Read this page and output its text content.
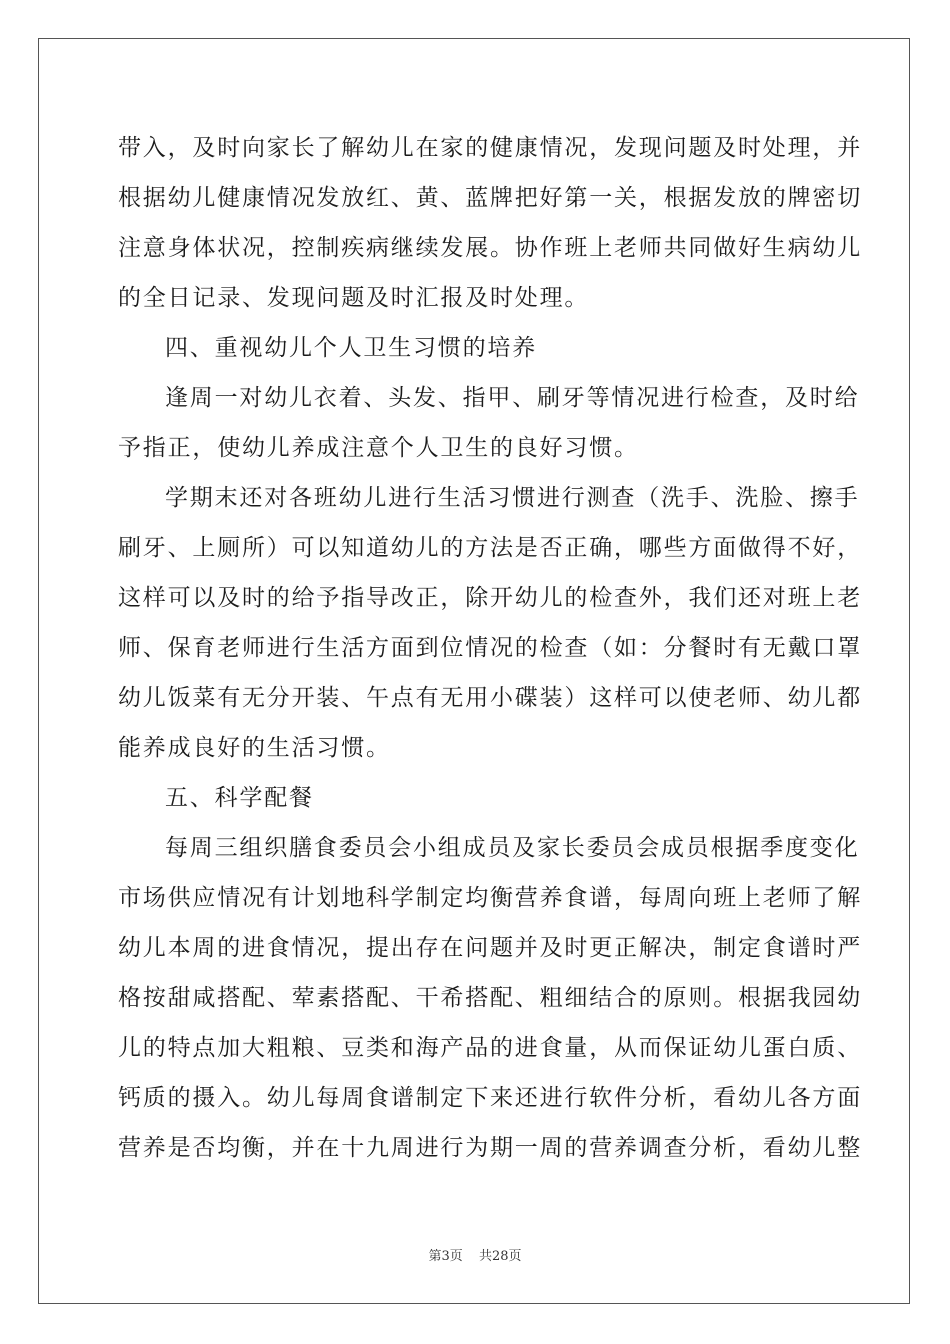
带入，及时向家长了解幼儿在家的健康情况，发现问题及时处理，并
根据幼儿健康情况发放红、黄、蓝牌把好第一关，根据发放的牌密切
注意身体状况，控制疾病继续发展。协作班上老师共同做好生病幼儿
的全日记录、发现问题及时汇报及时处理。
四、重视幼儿个人卫生习惯的培养
逢周一对幼儿衣着、头发、指甲、刷牙等情况进行检查，及时给
予指正，使幼儿养成注意个人卫生的良好习惯。
学期末还对各班幼儿进行生活习惯进行测查（洗手、洗脸、擦手
刷牙、上厕所）可以知道幼儿的方法是否正确，哪些方面做得不好，
这样可以及时的给予指导改正，除开幼儿的检查外，我们还对班上老
师、保育老师进行生活方面到位情况的检查（如：分餐时有无戴口罩
幼儿饭菜有无分开装、午点有无用小碟装）这样可以使老师、幼儿都
能养成良好的生活习惯。
五、科学配餐
每周三组织膳食委员会小组成员及家长委员会成员根据季度变化
市场供应情况有计划地科学制定均衡营养食谱，每周向班上老师了解
幼儿本周的进食情况，提出存在问题并及时更正解决，制定食谱时严
格按甜咸搭配、荤素搭配、干希搭配、粗细结合的原则。根据我园幼
儿的特点加大粗粮、豆类和海产品的进食量，从而保证幼儿蛋白质、
钙质的摄入。幼儿每周食谱制定下来还进行软件分析，看幼儿各方面
营养是否均衡，并在十九周进行为期一周的营养调查分析，看幼儿整
第3页 共28页
